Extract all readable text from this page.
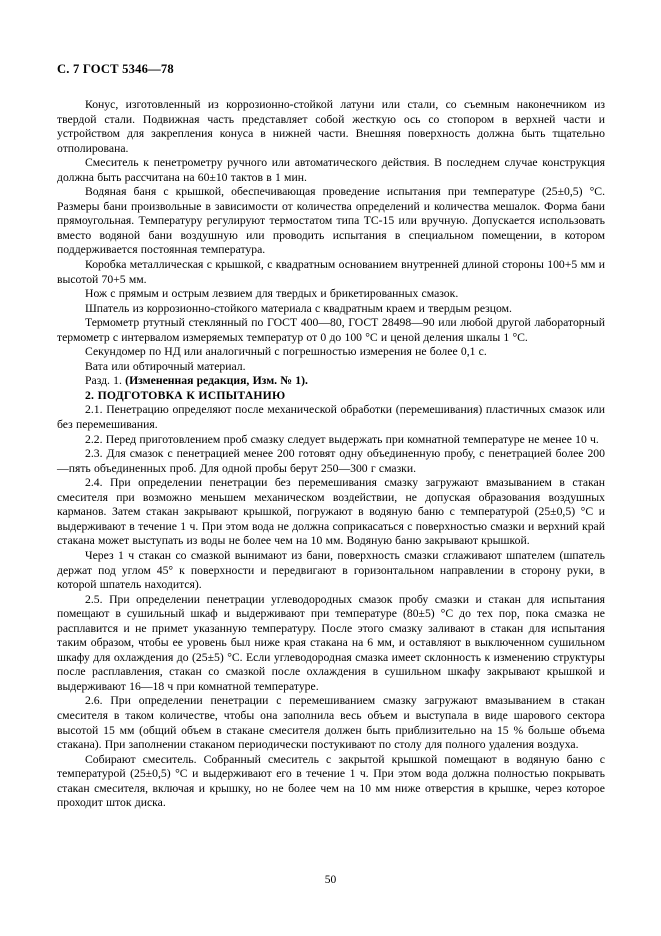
С. 7 ГОСТ 5346—78

Конус, изготовленный из коррозионно-стойкой латуни или стали, со съемным наконечником из твердой стали. Подвижная часть представляет собой жесткую ось со стопором в верхней части и устройством для закрепления конуса в нижней части. Внешняя поверхность должна быть тщательно отполирована.

Смеситель к пенетрометру ручного или автоматического действия. В последнем случае конструкция должна быть рассчитана на 60±10 тактов в 1 мин.

Водяная баня с крышкой, обеспечивающая проведение испытания при температуре (25±0,5) °С. Размеры бани произвольные в зависимости от количества определений и количества мешалок. Форма бани прямоугольная. Температуру регулируют термостатом типа ТС-15 или вручную. Допускается использовать вместо водяной бани воздушную или проводить испытания в специальном помещении, в котором поддерживается постоянная температура.

Коробка металлическая с крышкой, с квадратным основанием внутренней длиной стороны 100+5 мм и высотой 70+5 мм.

Нож с прямым и острым лезвием для твердых и брикетированных смазок.

Шпатель из коррозионно-стойкого материала с квадратным краем и твердым резцом.

Термометр ртутный стеклянный по ГОСТ 400—80, ГОСТ 28498—90 или любой другой лабораторный термометр с интервалом измеряемых температур от 0 до 100 °С и ценой деления шкалы 1 °С.

Секундомер по НД или аналогичный с погрешностью измерения не более 0,1 с.

Вата или обтирочный материал.

Разд. 1. (Измененная редакция, Изм. № 1).

2. ПОДГОТОВКА К ИСПЫТАНИЮ

2.1. Пенетрацию определяют после механической обработки (перемешивания) пластичных смазок или без перемешивания.

2.2. Перед приготовлением проб смазку следует выдержать при комнатной температуре не менее 10 ч.

2.3. Для смазок с пенетрацией менее 200 готовят одну объединенную пробу, с пенетрацией более 200—пять объединенных проб. Для одной пробы берут 250—300 г смазки.

2.4. При определении пенетрации без перемешивания смазку загружают вмазыванием в стакан смесителя при возможно меньшем механическом воздействии, не допуская образования воздушных карманов. Затем стакан закрывают крышкой, погружают в водяную баню с температурой (25±0,5) °С и выдерживают в течение 1 ч. При этом вода не должна соприкасаться с поверхностью смазки и верхний край стакана может выступать из воды не более чем на 10 мм. Водяную баню закрывают крышкой.

Через 1 ч стакан со смазкой вынимают из бани, поверхность смазки сглаживают шпателем (шпатель держат под углом 45° к поверхности и передвигают в горизонтальном направлении в сторону руки, в которой шпатель находится).

2.5. При определении пенетрации углеводородных смазок пробу смазки и стакан для испытания помещают в сушильный шкаф и выдерживают при температуре (80±5) °С до тех пор, пока смазка не расплавится и не примет указанную температуру. После этого смазку заливают в стакан для испытания таким образом, чтобы ее уровень был ниже края стакана на 6 мм, и оставляют в выключенном сушильном шкафу для охлаждения до (25±5) °С. Если углеводородная смазка имеет склонность к изменению структуры после расплавления, стакан со смазкой после охлаждения в сушильном шкафу закрывают крышкой и выдерживают 16—18 ч при комнатной температуре.

2.6. При определении пенетрации с перемешиванием смазку загружают вмазыванием в стакан смесителя в таком количестве, чтобы она заполнила весь объем и выступала в виде шарового сектора высотой 15 мм (общий объем в стакане смесителя должен быть приблизительно на 15 % больше объема стакана). При заполнении стаканом периодически постукивают по столу для полного удаления воздуха.

Собирают смеситель. Собранный смеситель с закрытой крышкой помещают в водяную баню с температурой (25±0,5) °С и выдерживают его в течение 1 ч. При этом вода должна полностью покрывать стакан смесителя, включая и крышку, но не более чем на 10 мм ниже отверстия в крышке, через которое проходит шток диска.

50
